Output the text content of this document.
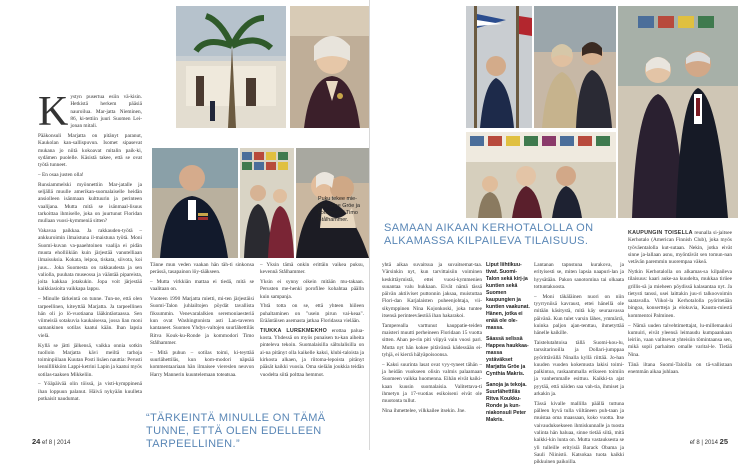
Puku tekee mie-hen. Eine Gröe ja kommodori Timo Stålhammer.

Kystyn pusertua esiin vä-kisin. Hetkistä herkem pääsiä nauroilua. Mar-jatta Nieminen, 86, ki-tettiin juuri Suomen Lei-jonan mitali.

Pääkonsuli Marjatta on pitänyt paranut, Kaukolan kan-sallispuvun. Isomet sipasevat mukana jo niitä kokoavat mitalin paik-ki, sydämen puolelle. Käsistä takee, että se ovat työtä tunneet.

– En osaa justen olla!

Runsiammelski myönnettiin Mar-jatalle ja seljällä muulle amerikan-suomalaiselle heidän ansiolleen isänmaan kulttuurin ja perinteen vaalijana. Mutta mitä se isänmaal-lisuus tarkoittaa ihmiselle, joka on juurtunut Floridan mullaan vuosi-kymmeniä sitten?

Vakavaa paikkaa. Ja rakkauden-työtä – ankkuroimin ilmaistuna il-maistuna työtä. Moni Suomi-kuvan va-paaehtoinen vaalija ei pidän muuta eholliikiän kuin järjestää vanutelliaan ilmaisuksia. Kokata, leipoa, tiskata, siivota, koi juus... Joka Suomesta on rakkaudesta ja sen valiolla, puuhata museossa ja vääntää pipareista, joita kakkaa jotakukin. Jopa voit järjestää kaikkiasioita vaikkapa lappu.

– Minulle tärkeintä on tunne. Tun-ne, että olen tarpeellinen, kiteyttää Marjatta. Ja tarpeellinen hän oli jo lö-vuotiaana lääkintäotaassa. Sen viimeisiä sotakuvia kaukaisessa, jossa lian moni samankinen sotilas kaatui kään. Ihan lapsia vielä.

Kyllä se jätti jälkensä, vaikka onnia sotkin tuolloin Marjatta kävi meiltä tarhoja toiminpiilaan Kuutan Posti lisäen nauttia: Perusti lennilllikköm Lappi-ketrini Lapin ja kaatui myös sotilas-taaksen Mikkeliin.

– Yöäpäivää olin töissä, ja visti-kymppinenä ihan loppuun palanut. Häivä nykyään kuulleta potkaisit naudumat.

Tänne mun veden vaakan hän täh-ti sinkonsa perässä, tasapainon löy-tääkseen.

– Mutta virkkiän mattaa ei tiedä, mitä se vaalitaan on.

Vuoteen 1990 Marjatta mietti, mi-ten järjestäisi Suomi-Talon juhlailtojen pöydät tavallista fiksummin. Venevaralalkien seremoniaesteriä kun ovat Washingtonista asti Lan-taveren kantaneet. Suomen Yhdys-valtojen suurlähettiläs Ritva Kouk-ku-Ronde ja kommodori Timo Stålhammer.

– Mitä puhun – sotilas toimi, ki-teyttää suurlähettiläs, kun kom-modori näpsää kommentaariaan hän ilmaisee viereslen neuvon Harry Mannerin kuuntelemaan toteatsaa.

– Yksin tämä onkin erittäin vaikea puksu, kevennä Stålhammer.

Yksin ei synny oikein mitään mu-takaan. Perusten me-henki porofilee kohahtaa päälln kuin sampanja.

Yhtä totta on se, että yhteen hiileen puhaltaminen on "usein pirun vai-keaa". Erääntäisen asemasta jatkaa Floridassa vielään.

TIUKKA LUREKMEKHO erottaa palua-kosta. Yhdessä on myös punaisen tu-kan aiheita pinteleva tekoin. Suomalaisilla sältulalisilla on ai-na pitänyt olla kaikelle kaksi, klubi-taloista ja kirkosta alkaen, ja riitoma-lepoista pitänyt pääsät kaikki vuosia. Oma sielään joukkia teidän vuodelta siitä polttaa hemmot.

“TÄRKEINTÄ MINULLE ON TÄMÄ TUNNE, ETTÄ OLEN EDELLEEN TARPEELLINEN.”
24 ef 8 | 2014
SAMAAN AIKAAN KERHOTALOLLA ON ALKAMASSA KILPAILEVA TILAISUUS.

yhtä aikaa suvaitsua ja suvaitsemat-taa. Värsinkin nyt, kun tarvittaisiin voiminen keskittäymistä, ettei vuosi-kymmenien suuantaa valu hukkaan. Eivät nämä tässä päivän aktiiviset puttonnin jaksaa, muistuttaa Flori-dan Karjalaisten puheenjohtaja, vii-sikymppinen Nina Kojonkoski, joka tuntee itsensä perinteeväestöä ihan hakarakoi.

Tamperealla varttunut kauppatie-teiden maisteri muutti perheineen Floridaan 15 vuotta sitten. Ahan pe-rin piti viipyä vain vuosi pari. Mutta nyt hän kokee pitävänsä kädessään ei-tyhjä, ei kierrä hälyäpoisoonsa.

– Kaksi suurinta lasat ovat vyy-tyneet tähän – ja heidän vuokseen olisin valmis palaamaan Suomeen vaikka huomenna. Eihän eivät kaiki-kaan kuusin suomalaisia. Valitettava-ti ihmetyn ja 17-vuotias esikoiseni eivät ole muotonta tullut.

Nina ihmettelee, vilkkailee itsekin. Jne.

Liput liihtikuu-tivat. Suomi-Talon sekä kirj-ja kuntien sekä Suomen kaupungien ja kuntien vaakunat. Hänen, jotka ei enää ole ole-massa.
Säassä selissä Happea haukkaa-massa ystäväkset Marjatta Gröe ja Cynthia Makris.
Sanoja ja tekoja. Suurlähettiläs Ritva Koukku-Ronde ja kun-niakonsuli Peter Makris.

Lantanan tapnstuna kurakova, ja erityisesti se, miten lapsia naapuri-lan ja hyysätään. Pakon sanotomina tai olkaata tottuntakuosta.

– Moni täkäläinen nuori on niin tyyrryniisä kavraust, ettei hänellä ole mitään käsitystä, mitä käy seuraavassa päivänä. Kun tulet varsin lähes, ymmärrä, kuinka paljon ajan-tenttau, ihmetyttää hänelle kaikille.

Taistelutahtoisa tällä Suomi-kou-lu, tarssitarinoilla ja Dollari-jumppaa pyörittävällä Ninalla kyllä riittää. Jo-han kuuden vuoden kokemusta lakisi toimi-palkintoa, raskaammalla erikseen toimiin ja vanhemmalle esittuu. Kaikki-ta ajat pyytää, että näiden saa vah-tia, ihmiset ja arkakin ja.

Tässä kivalle mallilla päällä tuttuna pälleen hyvä tulla viiltäneen puh-taan ja muistaa oma maassaan, koko vuotta. Itse vaivauduksekseen ihmiskunnalle ja tuosta valinta hän haluaa, sinne tietää siitä, mitä kaikki-kin lunta on. Mutta vastauksesta se yli tulleille erityisiä Barack Obama ja Sauli Niinistö. Katsokaa tuota kaikki pikkuinen paikoilla.

KAUPUNGIN TOISELLA reunalla si-jaitsee Kerhotalo (American Finnish Club), joka myös työväentalolla kut-sutaan. Nekin, jotka eivät sinne ja-lallaan asnu, myöntävät sen tomun-nan vetävän paremmin nuorempaa väkeä.

Nytkin Kerhotalolla on alkamas-sa kilpaileva tilaisuus: kaari auke-aa kuudelta, mukkaa tiriiee grillis-sä ja mieheen pöydissä kalasantaa nyt. Ja tietysti tanssi, usei laittakin juu-ri talkoovoimin saatavalla. Viikol-la Kerhotalolla pyöritetään bingoa, konsertteja ja elokuvia, Kaustu-miestä kommentoi Palminen.

– Nämä uuden talvehtimettajat, lu-millemauksi kumuiri, eivät yleensä leimaudu kumpaankaan leiriin, vaan valitsevat yhteisiin tömintaansa sen, mikä sopii parhaiten omalle varital-le. Tietää Nina.

Tänä iltana Suomi-Taloilla on tä-vallistaan enemmän aikaa juhlaan.

ef 8 | 2014 25
